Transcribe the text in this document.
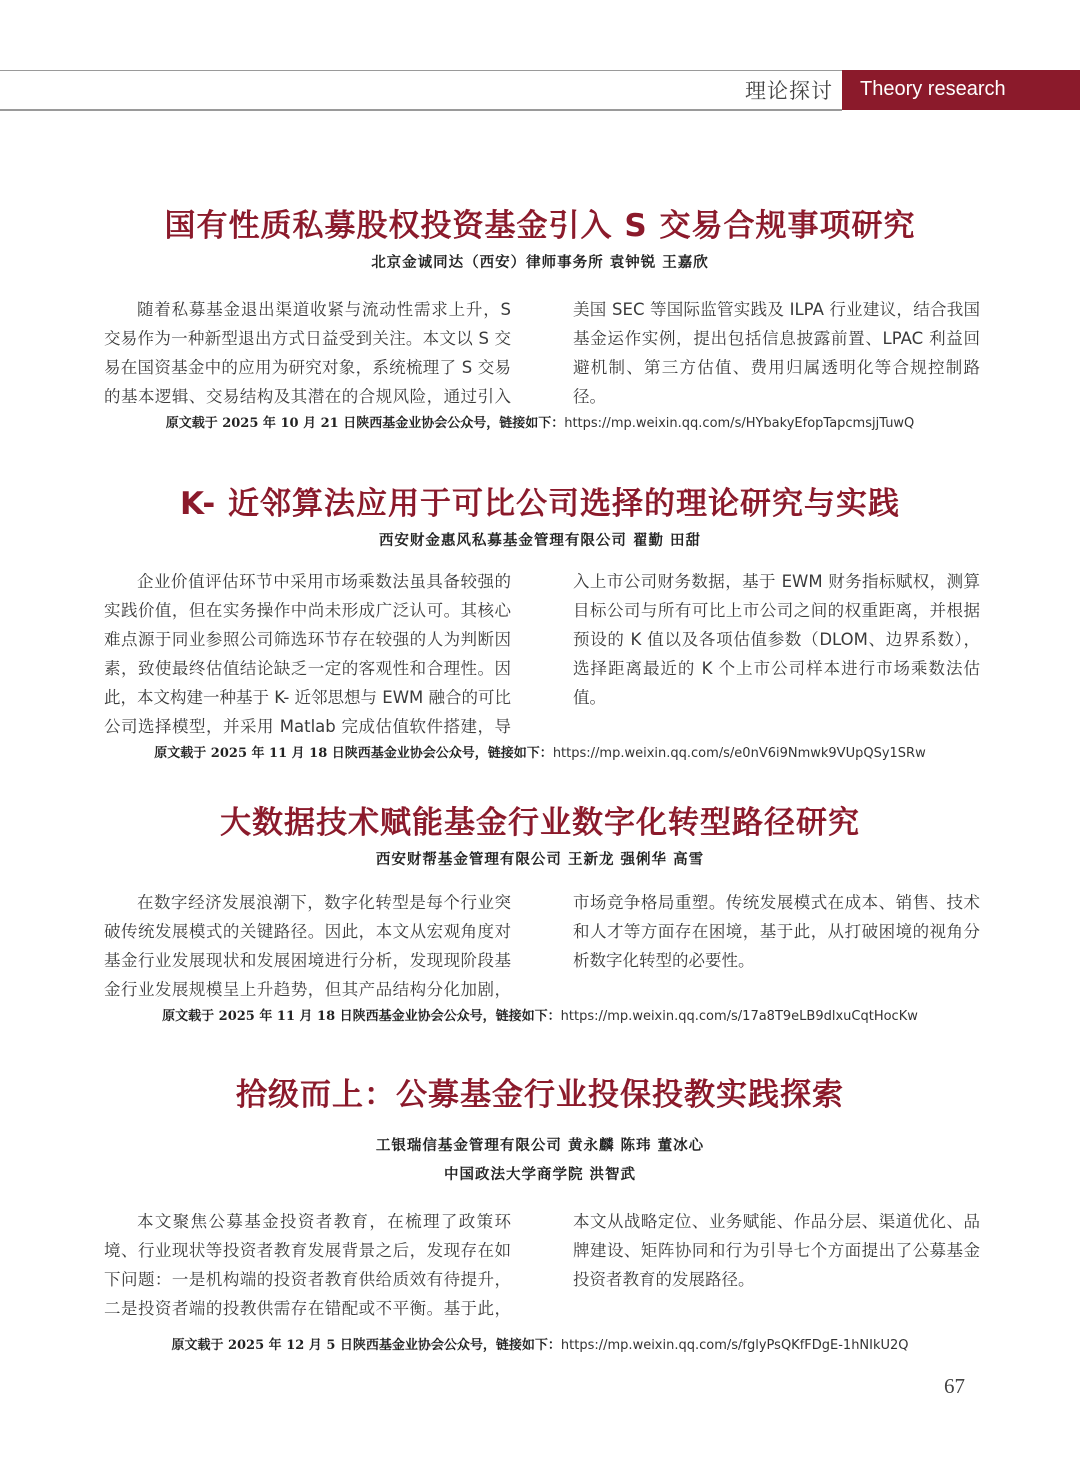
理论探讨	Theory research
国有性质私募股权投资基金引入 S 交易合规事项研究
北京金诚同达（西安）律师事务所 袁钟锐 王嘉欣

随着私募基金退出渠道收紧与流动性需求上升，S 交易作为一种新型退出方式日益受到关注。本文以 S 交易在国资基金中的应用为研究对象，系统梳理了 S 交易的基本逻辑、交易结构及其潜在的合规风险，通过引入美国 SEC 等国际监管实践及 ILPA 行业建议，结合我国基金运作实例，提出包括信息披露前置、LPAC 利益回避机制、第三方估值、费用归属透明化等合规控制路径。

原文载于 2025 年 10 月 21 日陕西基金业协会公众号，链接如下：https://mp.weixin.qq.com/s/HYbakyEfopTapcmsjjTuwQ
K- 近邻算法应用于可比公司选择的理论研究与实践
西安财金惠风私募基金管理有限公司 翟勤 田甜

企业价值评估环节中采用市场乘数法虽具备较强的实践价值，但在实务操作中尚未形成广泛认可。其核心难点源于同业参照公司筛选环节存在较强的人为判断因素，致使最终估值结论缺乏一定的客观性和合理性。因此，本文构建一种基于 K- 近邻思想与 EWM 融合的可比公司选择模型，并采用 Matlab 完成估值软件搭建，导入上市公司财务数据，基于 EWM 财务指标赋权，测算目标公司与所有可比上市公司之间的权重距离，并根据预设的 K 值以及各项估值参数（DLOM、边界系数），选择距离最近的 K 个上市公司样本进行市场乘数法估值。

原文载于 2025 年 11 月 18 日陕西基金业协会公众号，链接如下：https://mp.weixin.qq.com/s/e0nV6i9Nmwk9VUpQSy1SRw
大数据技术赋能基金行业数字化转型路径研究
西安财帮基金管理有限公司 王新龙 强俐华 高雪

在数字经济发展浪潮下，数字化转型是每个行业突破传统发展模式的关键路径。因此，本文从宏观角度对基金行业发展现状和发展困境进行分析，发现现阶段基金行业发展规模呈上升趋势，但其产品结构分化加剧，市场竞争格局重塑。传统发展模式在成本、销售、技术和人才等方面存在困境，基于此，从打破困境的视角分析数字化转型的必要性。

原文载于 2025 年 11 月 18 日陕西基金业协会公众号，链接如下：https://mp.weixin.qq.com/s/17a8T9eLB9dlxuCqtHocKw
拾级而上：公募基金行业投保投教实践探索
工银瑞信基金管理有限公司 黄永麟 陈玮 董冰心
中国政法大学商学院 洪智武

本文聚焦公募基金投资者教育，在梳理了政策环境、行业现状等投资者教育发展背景之后，发现存在如下问题：一是机构端的投资者教育供给质效有待提升，二是投资者端的投教供需存在错配或不平衡。基于此，本文从战略定位、业务赋能、作品分层、渠道优化、品牌建设、矩阵协同和行为引导七个方面提出了公募基金投资者教育的发展路径。

原文载于 2025 年 12 月 5 日陕西基金业协会公众号，链接如下：https://mp.weixin.qq.com/s/fglyPsQKfFDgE-1hNIkU2Q
67
